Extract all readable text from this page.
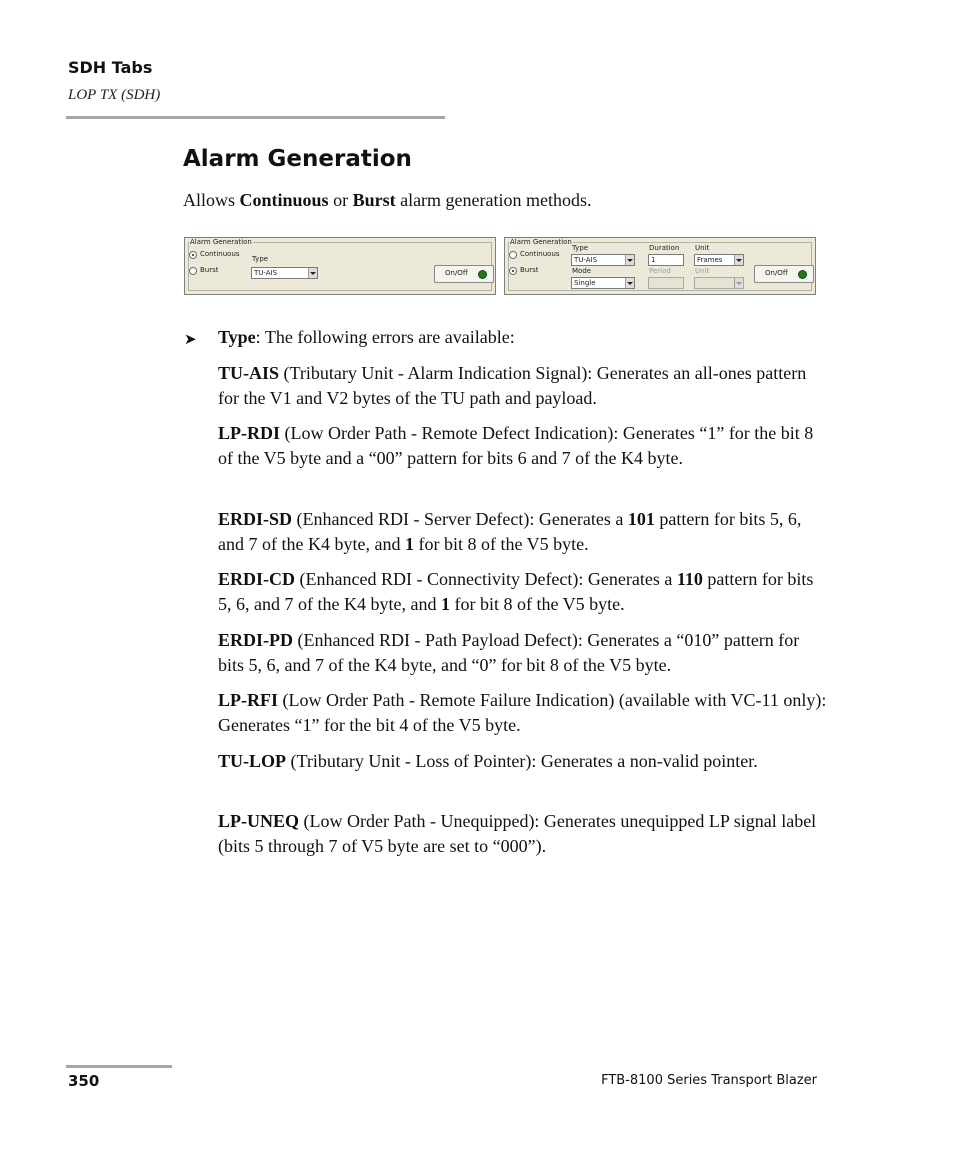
SDH Tabs
LOP TX (SDH)
Alarm Generation
Allows Continuous or Burst alarm generation methods.
Alarm Generation
Continuous
Burst
Type
TU-AIS	On/Off
Alarm Generation
Continuous
Burst
Type
TU-AIS
Mode
Single
Duration
1
Period
Unit
Frames
Unit	On/Off
➤ Type: The following errors are available:

TU-AIS (Tributary Unit - Alarm Indication Signal): Generates an all-ones pattern for the V1 and V2 bytes of the TU path and payload.

LP-RDI (Low Order Path - Remote Defect Indication): Generates “1” for the bit 8 of the V5 byte and a “00” pattern for bits 6 and 7 of the K4 byte.

ERDI-SD (Enhanced RDI - Server Defect): Generates a 101 pattern for bits 5, 6, and 7 of the K4 byte, and 1 for bit 8 of the V5 byte.

ERDI-CD (Enhanced RDI - Connectivity Defect): Generates a 110 pattern for bits 5, 6, and 7 of the K4 byte, and 1 for bit 8 of the V5 byte.

ERDI-PD (Enhanced RDI - Path Payload Defect): Generates a “010” pattern for bits 5, 6, and 7 of the K4 byte, and “0” for bit 8 of the V5 byte.

LP-RFI (Low Order Path - Remote Failure Indication) (available with VC-11 only): Generates “1” for the bit 4 of the V5 byte.

TU-LOP (Tributary Unit - Loss of Pointer): Generates a non-valid pointer.

LP-UNEQ (Low Order Path - Unequipped): Generates unequipped LP signal label (bits 5 through 7 of V5 byte are set to “000”).

350	FTB-8100 Series Transport Blazer
